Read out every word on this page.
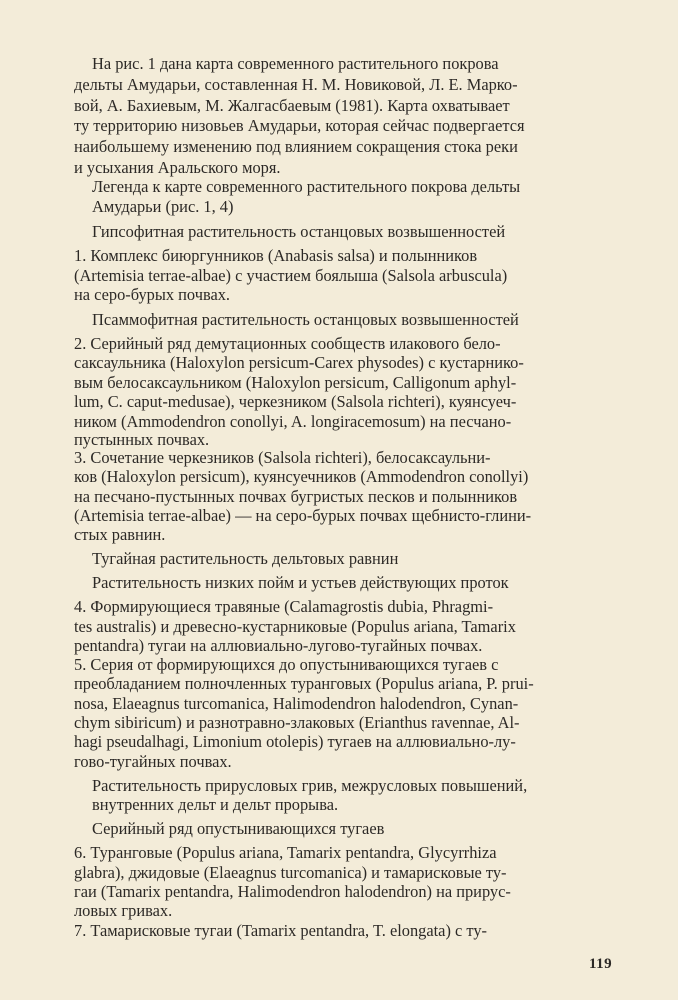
На рис. 1 дана карта современного растительного покрова

дельты Амударьи, составленная Н. М. Новиковой, Л. Е. Марко-

вой, А. Бахиевым, М. Жалгасбаевым (1981). Карта охватывает

ту территорию низовьев Амударьи, которая сейчас подвергается

наибольшему изменению под влиянием сокращения стока реки

и усыхания Аральского моря.

Легенда к карте современного растительного покрова дельты

Амударьи (рис. 1, 4)

Гипсофитная растительность останцовых возвышенностей

1. Комплекс биюргунников (Anabasis salsa) и полынников

(Artemisia terrae-albae) с участием боялыша (Salsola arbuscula)

на серо-бурых почвах.

Псаммофитная растительность останцовых возвышенностей

2. Серийный ряд демутационных сообществ илакового бело-

саксаульника (Haloxylon persicum-Carex physodes) с кустарнико-

вым белосаксаульником (Haloxylon persicum, Calligonum aphyl-

lum, C. caput-medusae), черкезником (Salsola richteri), куянсуеч-

ником (Ammodendron conollyi, A. longiracemosum) на песчано-

пустынных почвах.

3. Сочетание черкезников (Salsola richteri), белосаксаульни-

ков (Haloxylon persicum), куянсуечников (Ammodendron conollyi)

на песчано-пустынных почвах бугристых песков и полынников

(Artemisia terrae-albae) — на серо-бурых почвах щебнисто-глини-

стых равнин.

Тугайная растительность дельтовых равнин

Растительность низких пойм и устьев действующих проток

4. Формирующиеся травяные (Calamagrostis dubia, Phragmi-

tes australis) и древесно-кустарниковые (Populus ariana, Tamarix

pentandra) тугаи на аллювиально-лугово-тугайных почвах.

5. Серия от формирующихся до опустынивающихся тугаев с

преобладанием полночленных туранговых (Populus ariana, P. prui-

nosa, Elaeagnus turcomanica, Halimodendron halodendron, Cynan-

chym sibiricum) и разнотравно-злаковых (Erianthus ravennae, Al-

hagi pseudalhagi, Limonium otolepis) тугаев на аллювиально-лу-

гово-тугайных почвах.

Растительность прирусловых грив, межрусловых повышений,

внутренних дельт и дельт прорыва.

Серийный ряд опустынивающихся тугаев

6. Туранговые (Populus ariana, Tamarix pentandra, Glycyrrhiza

glabra), джидовые (Elaeagnus turcomanica) и тамарисковые ту-

гаи (Tamarix pentandra, Halimodendron halodendron) на прирус-

ловых гривах.

7. Тамарисковые тугаи (Tamarix pentandra, T. elongata) с ту-

119
